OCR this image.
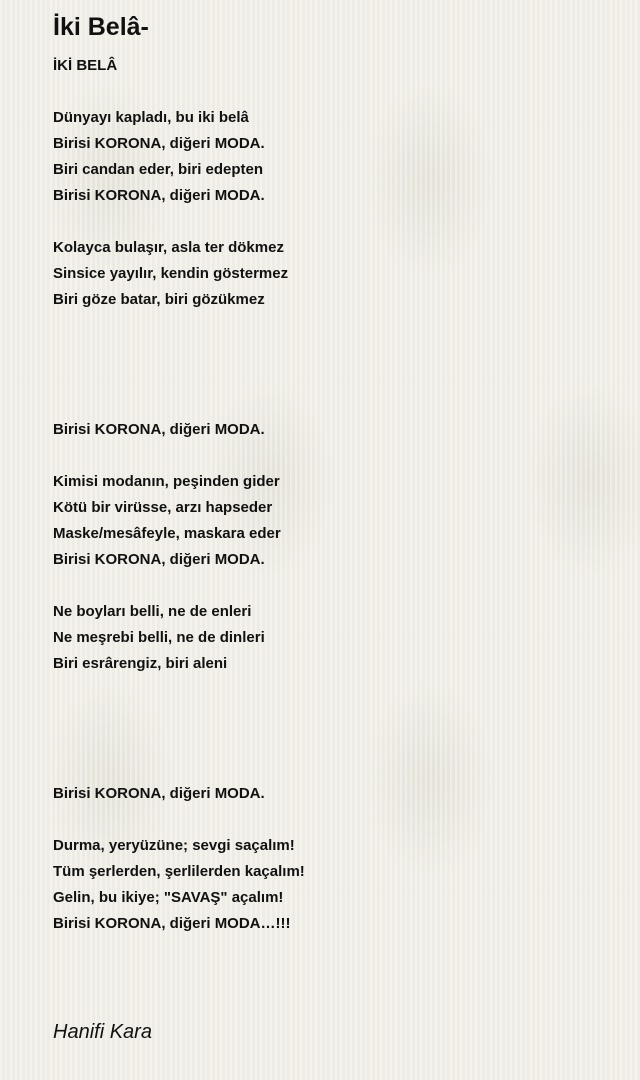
İki Belâ-
İKİ BELÂ
Dünyayı kapladı, bu iki belâ
Birisi KORONA, diğeri MODA.
Biri candan eder, biri edepten
Birisi KORONA, diğeri MODA.
Kolayca bulaşır, asla ter dökmez
Sinsice yayılır, kendin göstermez
Biri göze batar, biri gözükmez
Birisi KORONA, diğeri MODA.
Kimisi modanın, peşinden gider
Kötü bir virüsse, arzı hapseder
Maske/mesâfeyle, maskara eder
Birisi KORONA, diğeri MODA.
Ne boyları belli, ne de enleri
Ne meşrebi belli, ne de dinleri
Biri esrârengiz, biri aleni
Birisi KORONA, diğeri MODA.
Durma, yeryüzüne; sevgi saçalım!
Tüm şerlerden, şerlilerden kaçalım!
Gelin, bu ikiye; "SAVAŞ" açalım!
Birisi KORONA, diğeri MODA…!!!

Hanifi Kara
